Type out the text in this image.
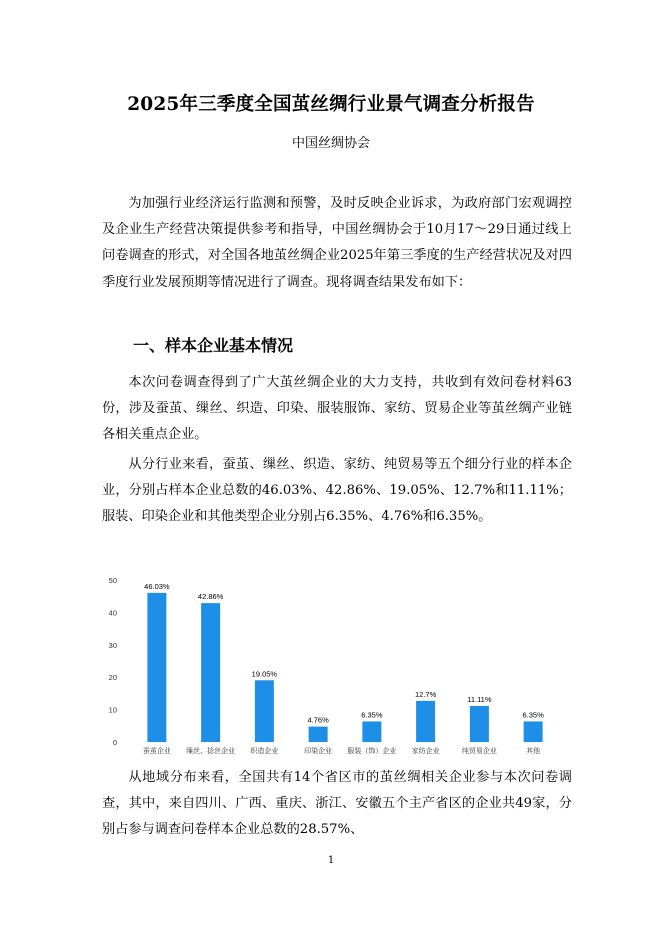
2025年三季度全国茧丝绸行业景气调查分析报告
中国丝绸协会

为加强行业经济运行监测和预警，及时反映企业诉求，为政府部门宏观调控及企业生产经营决策提供参考和指导，中国丝绸协会于10月17～29日通过线上问卷调查的形式，对全国各地茧丝绸企业2025年第三季度的生产经营状况及对四季度行业发展预期等情况进行了调查。现将调查结果发布如下：

一、样本企业基本情况

本次问卷调查得到了广大茧丝绸企业的大力支持，共收到有效问卷材料63份，涉及蚕茧、缫丝、织造、印染、服装服饰、家纺、贸易企业等茧丝绸产业链各相关重点企业。

从分行业来看，蚕茧、缫丝、织造、家纺、纯贸易等五个细分行业的样本企业，分别占样本企业总数的46.03%、42.86%、19.05%、12.7%和11.11%；服装、印染企业和其他类型企业分别占6.35%、4.76%和6.35%。

0
10
20
30
40
50
46.03%
蚕茧企业
42.86%
缫丝、捻丝企业
19.05%
织造企业
4.76%
印染企业
6.35%
服装（饰）企业
12.7%
家纺企业
11.11%
纯贸易企业
6.35%
其他

从地域分布来看，全国共有14个省区市的茧丝绸相关企业参与本次问卷调查，其中，来自四川、广西、重庆、浙江、安徽五个主产省区的企业共49家，分别占参与调查问卷样本企业总数的28.57%、

1
